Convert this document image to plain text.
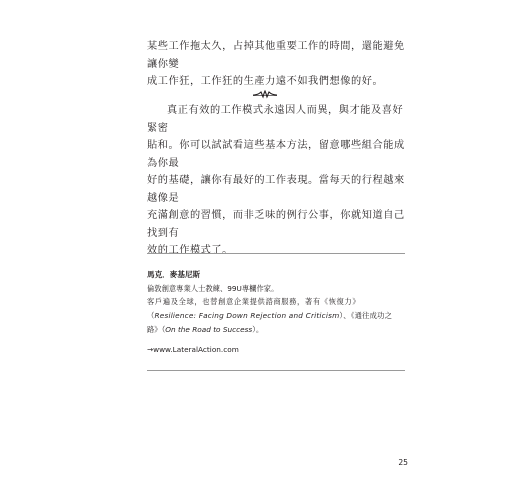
某些工作拖太久，占掉其他重要工作的時間，還能避免讓你變
成工作狂，工作狂的生產力遠不如我們想像的好。
真正有效的工作模式永遠因人而異，與才能及喜好緊密
貼和。你可以試試看這些基本方法，留意哪些組合能成為你最
好的基礎，讓你有最好的工作表現。當每天的行程越來越像是
充滿創意的習慣，而非乏味的例行公事，你就知道自己找到有
效的工作模式了。
馬克．麥基尼斯
倫敦創意專業人士教練、99U專欄作家。
客戶遍及全球，也替創意企業提供諮商服務，著有《恢復力》
（Resilience: Facing Down Rejection and Criticism）、《通往成功之
路》（On the Road to Success）。
→www.LateralAction.com
25
